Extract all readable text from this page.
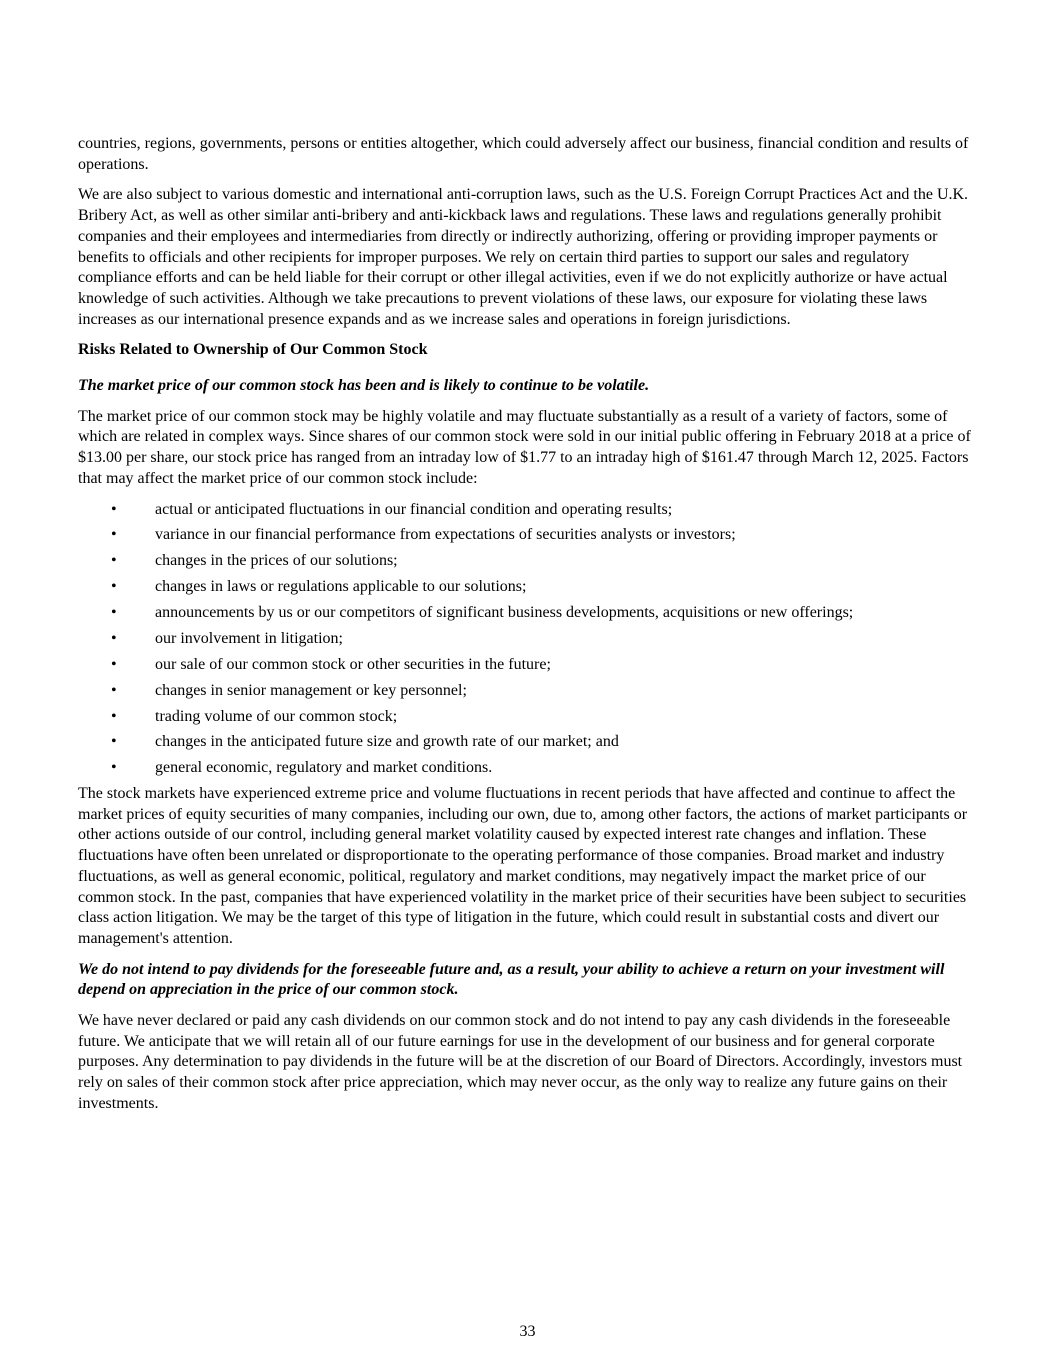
countries, regions, governments, persons or entities altogether, which could adversely affect our business, financial condition and results of operations.

We are also subject to various domestic and international anti-corruption laws, such as the U.S. Foreign Corrupt Practices Act and the U.K. Bribery Act, as well as other similar anti-bribery and anti-kickback laws and regulations. These laws and regulations generally prohibit companies and their employees and intermediaries from directly or indirectly authorizing, offering or providing improper payments or benefits to officials and other recipients for improper purposes. We rely on certain third parties to support our sales and regulatory compliance efforts and can be held liable for their corrupt or other illegal activities, even if we do not explicitly authorize or have actual knowledge of such activities. Although we take precautions to prevent violations of these laws, our exposure for violating these laws increases as our international presence expands and as we increase sales and operations in foreign jurisdictions.

Risks Related to Ownership of Our Common Stock

The market price of our common stock has been and is likely to continue to be volatile.

The market price of our common stock may be highly volatile and may fluctuate substantially as a result of a variety of factors, some of which are related in complex ways. Since shares of our common stock were sold in our initial public offering in February 2018 at a price of $13.00 per share, our stock price has ranged from an intraday low of $1.77 to an intraday high of $161.47 through March 12, 2025. Factors that may affect the market price of our common stock include:

• actual or anticipated fluctuations in our financial condition and operating results;
• variance in our financial performance from expectations of securities analysts or investors;
• changes in the prices of our solutions;
• changes in laws or regulations applicable to our solutions;
• announcements by us or our competitors of significant business developments, acquisitions or new offerings;
• our involvement in litigation;
• our sale of our common stock or other securities in the future;
• changes in senior management or key personnel;
• trading volume of our common stock;
• changes in the anticipated future size and growth rate of our market; and
• general economic, regulatory and market conditions.

The stock markets have experienced extreme price and volume fluctuations in recent periods that have affected and continue to affect the market prices of equity securities of many companies, including our own, due to, among other factors, the actions of market participants or other actions outside of our control, including general market volatility caused by expected interest rate changes and inflation. These fluctuations have often been unrelated or disproportionate to the operating performance of those companies. Broad market and industry fluctuations, as well as general economic, political, regulatory and market conditions, may negatively impact the market price of our common stock. In the past, companies that have experienced volatility in the market price of their securities have been subject to securities class action litigation. We may be the target of this type of litigation in the future, which could result in substantial costs and divert our management's attention.

We do not intend to pay dividends for the foreseeable future and, as a result, your ability to achieve a return on your investment will depend on appreciation in the price of our common stock.

We have never declared or paid any cash dividends on our common stock and do not intend to pay any cash dividends in the foreseeable future. We anticipate that we will retain all of our future earnings for use in the development of our business and for general corporate purposes. Any determination to pay dividends in the future will be at the discretion of our Board of Directors. Accordingly, investors must rely on sales of their common stock after price appreciation, which may never occur, as the only way to realize any future gains on their investments.

33
